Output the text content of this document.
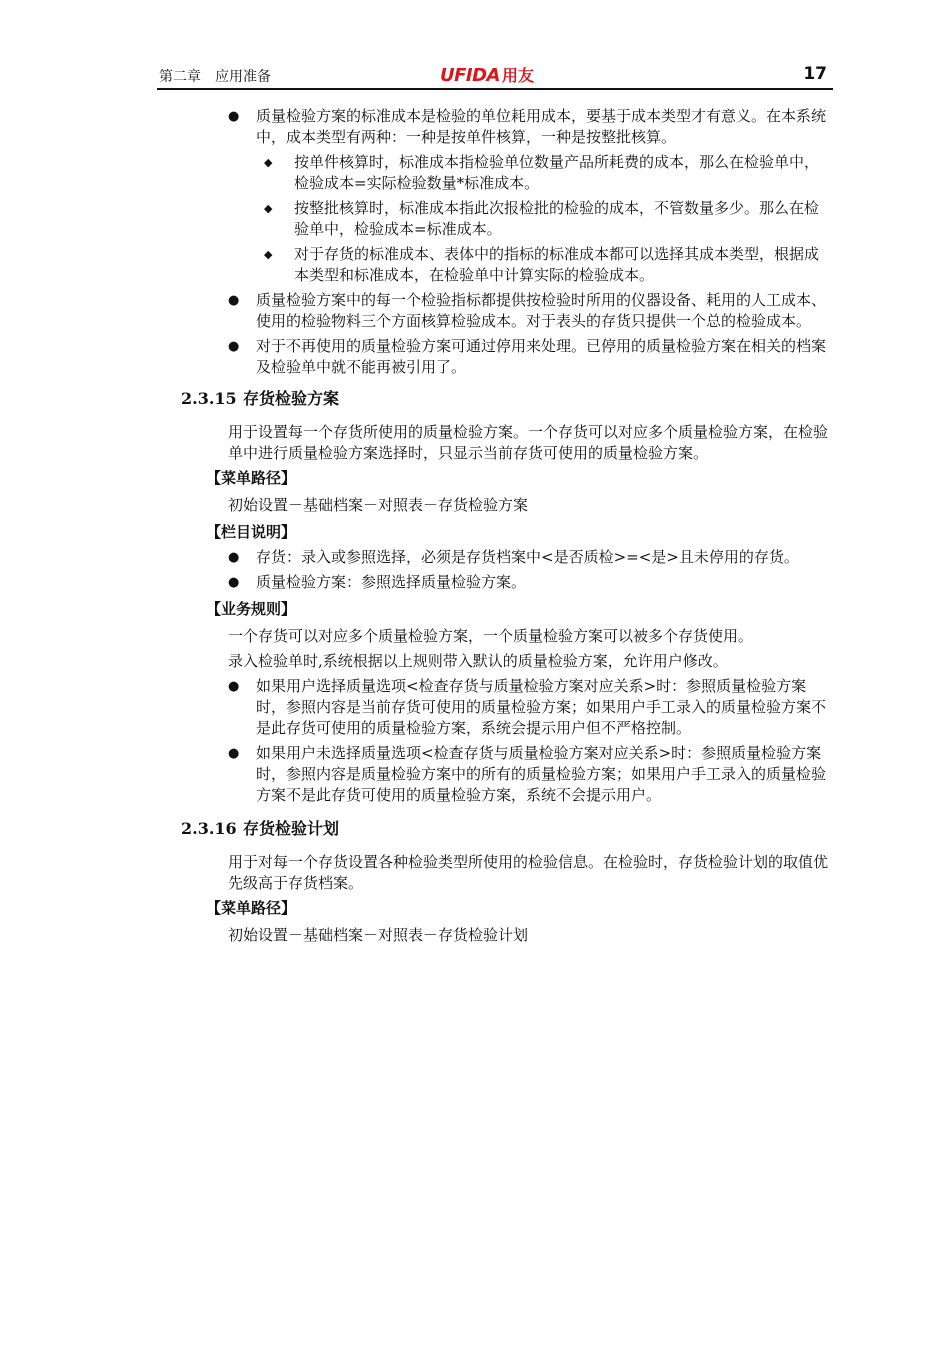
第二章　应用准备	UFIDA 用友	17
● 质量检验方案的标准成本是检验的单位耗用成本，要基于成本类型才有意义。在本系统中，成本类型有两种：一种是按单件核算，一种是按整批核算。
◆ 按单件核算时，标准成本指检验单位数量产品所耗费的成本，那么在检验单中，检验成本=实际检验数量*标准成本。
◆ 按整批核算时，标准成本指此次报检批的检验的成本，不管数量多少。那么在检验单中，检验成本=标准成本。
◆ 对于存货的标准成本、表体中的指标的标准成本都可以选择其成本类型，根据成本类型和标准成本，在检验单中计算实际的检验成本。
● 质量检验方案中的每一个检验指标都提供按检验时所用的仪器设备、耗用的人工成本、使用的检验物料三个方面核算检验成本。对于表头的存货只提供一个总的检验成本。
● 对于不再使用的质量检验方案可通过停用来处理。已停用的质量检验方案在相关的档案及检验单中就不能再被引用了。
2.3.15 存货检验方案
用于设置每一个存货所使用的质量检验方案。一个存货可以对应多个质量检验方案，在检验单中进行质量检验方案选择时，只显示当前存货可使用的质量检验方案。
【菜单路径】
初始设置－基础档案－对照表－存货检验方案
【栏目说明】
● 存货：录入或参照选择，必须是存货档案中<是否质检>=<是>且未停用的存货。
● 质量检验方案：参照选择质量检验方案。
【业务规则】
一个存货可以对应多个质量检验方案，一个质量检验方案可以被多个存货使用。
录入检验单时,系统根据以上规则带入默认的质量检验方案，允许用户修改。
● 如果用户选择质量选项<检查存货与质量检验方案对应关系>时：参照质量检验方案时，参照内容是当前存货可使用的质量检验方案；如果用户手工录入的质量检验方案不是此存货可使用的质量检验方案，系统会提示用户但不严格控制。
● 如果用户未选择质量选项<检查存货与质量检验方案对应关系>时：参照质量检验方案时，参照内容是质量检验方案中的所有的质量检验方案；如果用户手工录入的质量检验方案不是此存货可使用的质量检验方案，系统不会提示用户。
2.3.16 存货检验计划
用于对每一个存货设置各种检验类型所使用的检验信息。在检验时，存货检验计划的取值优先级高于存货档案。
【菜单路径】
初始设置－基础档案－对照表－存货检验计划
